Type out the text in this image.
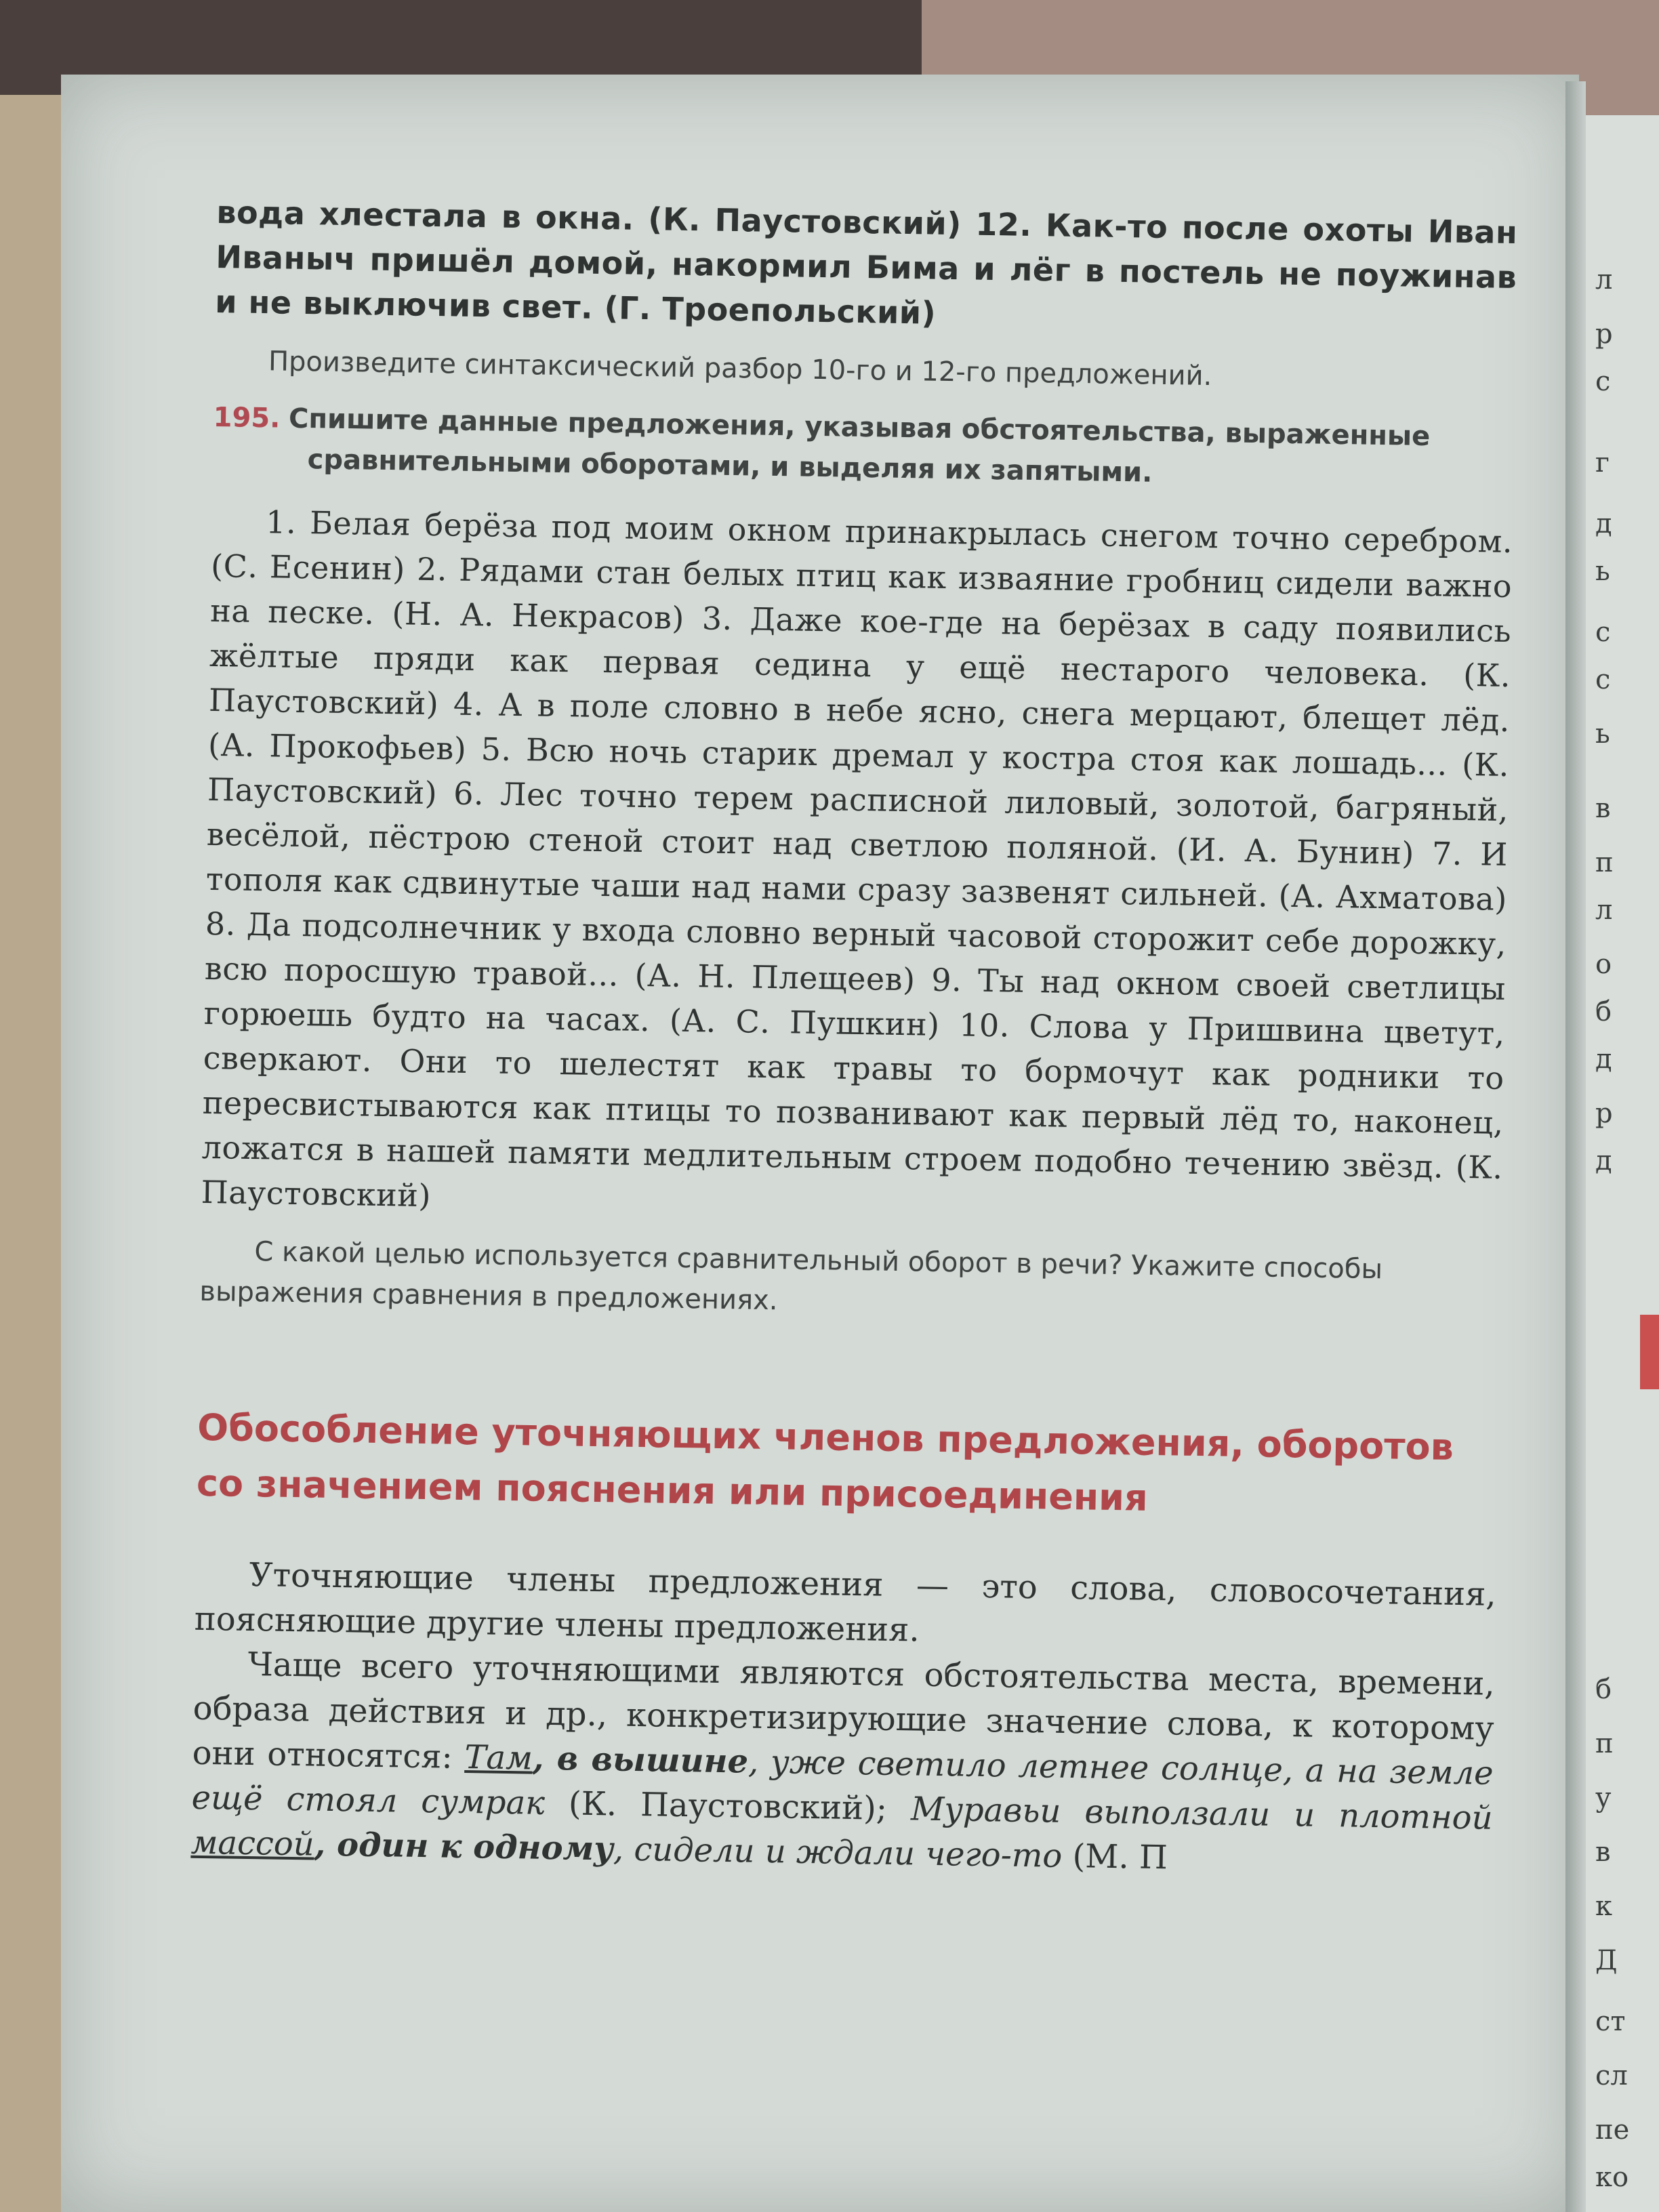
л
р
с
г
д
ь
с
с
ь
в
п
л
о
б
д
р
д
б
п
у
в
к
Д
ст
сл
пе
ко

вода хлестала в окна. (К. Паустовский) 12. Как-то после охоты Иван Иваныч пришёл домой, накормил Бима и лёг в постель не поужинав и не выключив свет. (Г. Троепольский)

Произведите синтаксический разбор 10-го и 12-го предложений.

195. Спишите данные предложения, указывая обстоятельства, выраженные сравнительными оборотами, и выделяя их запятыми.

1. Белая берёза под моим окном принакрылась снегом точно серебром. (С. Есенин) 2. Рядами стан белых птиц как изваяние гробниц сидели важно на песке. (Н. А. Некрасов) 3. Даже кое-где на берёзах в саду появились жёлтые пряди как первая седина у ещё нестарого человека. (К. Паустовский) 4. А в поле словно в небе ясно, снега мерцают, блещет лёд. (А. Прокофьев) 5. Всю ночь старик дремал у костра стоя как лошадь... (К. Паустовский) 6. Лес точно терем расписной лиловый, золотой, багряный, весёлой, пёстрою стеной стоит над светлою поляной. (И. А. Бунин) 7. И тополя как сдвинутые чаши над нами сразу зазвенят сильней. (А. Ахматова) 8. Да подсолнечник у входа словно верный часовой сторожит себе дорожку, всю поросшую травой... (А. Н. Плещеев) 9. Ты над окном своей светлицы горюешь будто на часах. (А. С. Пушкин) 10. Слова у Пришвина цветут, сверкают. Они то шелестят как травы то бормочут как родники то пересвистываются как птицы то позванивают как первый лёд то, наконец, ложатся в нашей памяти медлительным строем подобно течению звёзд. (К. Паустовский)

С какой целью используется сравнительный оборот в речи? Укажите способы выражения сравнения в предложениях.

Обособление уточняющих членов предложения, оборотов со значением пояснения или присоединения

Уточняющие члены предложения — это слова, словосочетания, поясняющие другие члены предложения.

Чаще всего уточняющими являются обстоятельства места, времени, образа действия и др., конкретизирующие значение слова, к которому они относятся: Там, в вышине, уже светило летнее солнце, а на земле ещё стоял сумрак (К. Паустовский); Муравьи выползали и плотной массой, один к одному, сидели и ждали чего-то (М. П
